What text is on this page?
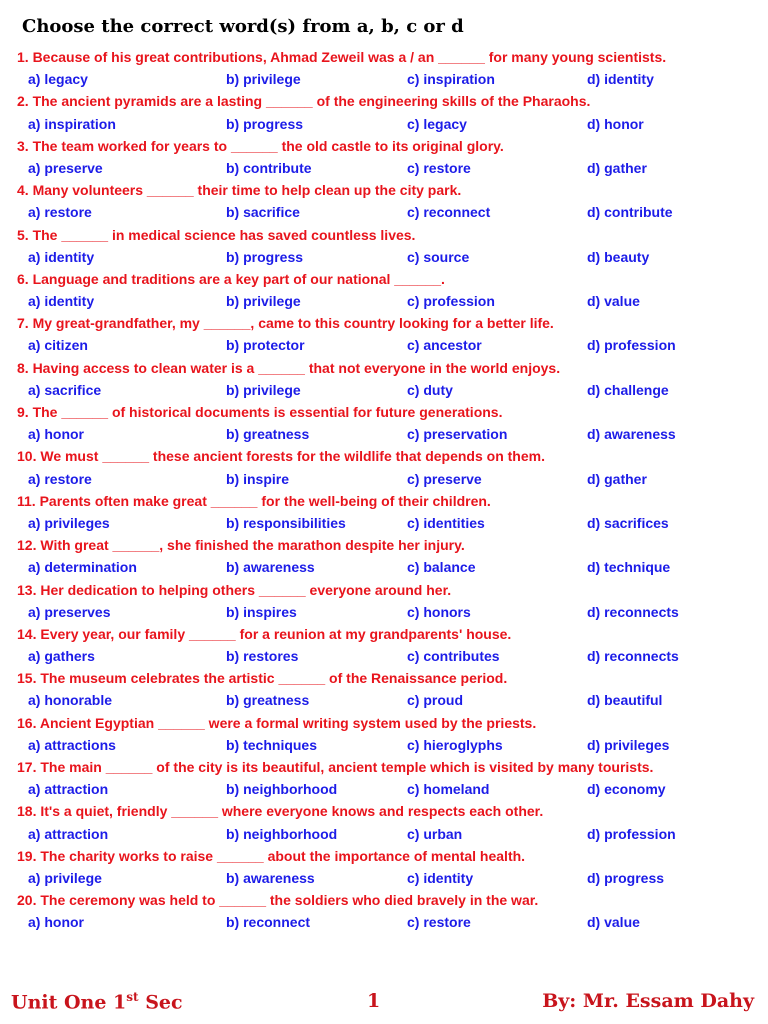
Choose the correct word(s) from a, b, c or d
1. Because of his great contributions, Ahmad Zeweil was a / an ______ for many young scientists.
a) legacy	b) privilege	c) inspiration	d) identity
2. The ancient pyramids are a lasting ______ of the engineering skills of the Pharaohs.
a) inspiration	b) progress	c) legacy	d) honor
3. The team worked for years to ______ the old castle to its original glory.
a) preserve	b) contribute	c) restore	d) gather
4. Many volunteers ______ their time to help clean up the city park.
a) restore	b) sacrifice	c) reconnect	d) contribute
5. The ______ in medical science has saved countless lives.
a) identity	b) progress	c) source	d) beauty
6. Language and traditions are a key part of our national ______.
a) identity	b) privilege	c) profession	d) value
7. My great-grandfather, my ______, came to this country looking for a better life.
a) citizen	b) protector	c) ancestor	d) profession
8. Having access to clean water is a ______ that not everyone in the world enjoys.
a) sacrifice	b) privilege	c) duty	d) challenge
9. The ______ of historical documents is essential for future generations.
a) honor	b) greatness	c) preservation	d) awareness
10. We must ______ these ancient forests for the wildlife that depends on them.
a) restore	b) inspire	c) preserve	d) gather
11. Parents often make great ______ for the well-being of their children.
a) privileges	b) responsibilities	c) identities	d) sacrifices
12. With great ______, she finished the marathon despite her injury.
a) determination	b) awareness	c) balance	d) technique
13. Her dedication to helping others ______ everyone around her.
a) preserves	b) inspires	c) honors	d) reconnects
14. Every year, our family ______ for a reunion at my grandparents' house.
a) gathers	b) restores	c) contributes	d) reconnects
15. The museum celebrates the artistic ______ of the Renaissance period.
a) honorable	b) greatness	c) proud	d) beautiful
16. Ancient Egyptian ______ were a formal writing system used by the priests.
a) attractions	b) techniques	c) hieroglyphs	d) privileges
17. The main ______ of the city is its beautiful, ancient temple which is visited by many tourists.
a) attraction	b) neighborhood	c) homeland	d) economy
18. It's a quiet, friendly ______ where everyone knows and respects each other.
a) attraction	b) neighborhood	c) urban	d) profession
19. The charity works to raise ______ about the importance of mental health.
a) privilege	b) awareness	c) identity	d) progress
20. The ceremony was held to ______ the soldiers who died bravely in the war.
a) honor	b) reconnect	c) restore	d) value
Unit One 1st Sec	1	By: Mr. Essam Dahy
